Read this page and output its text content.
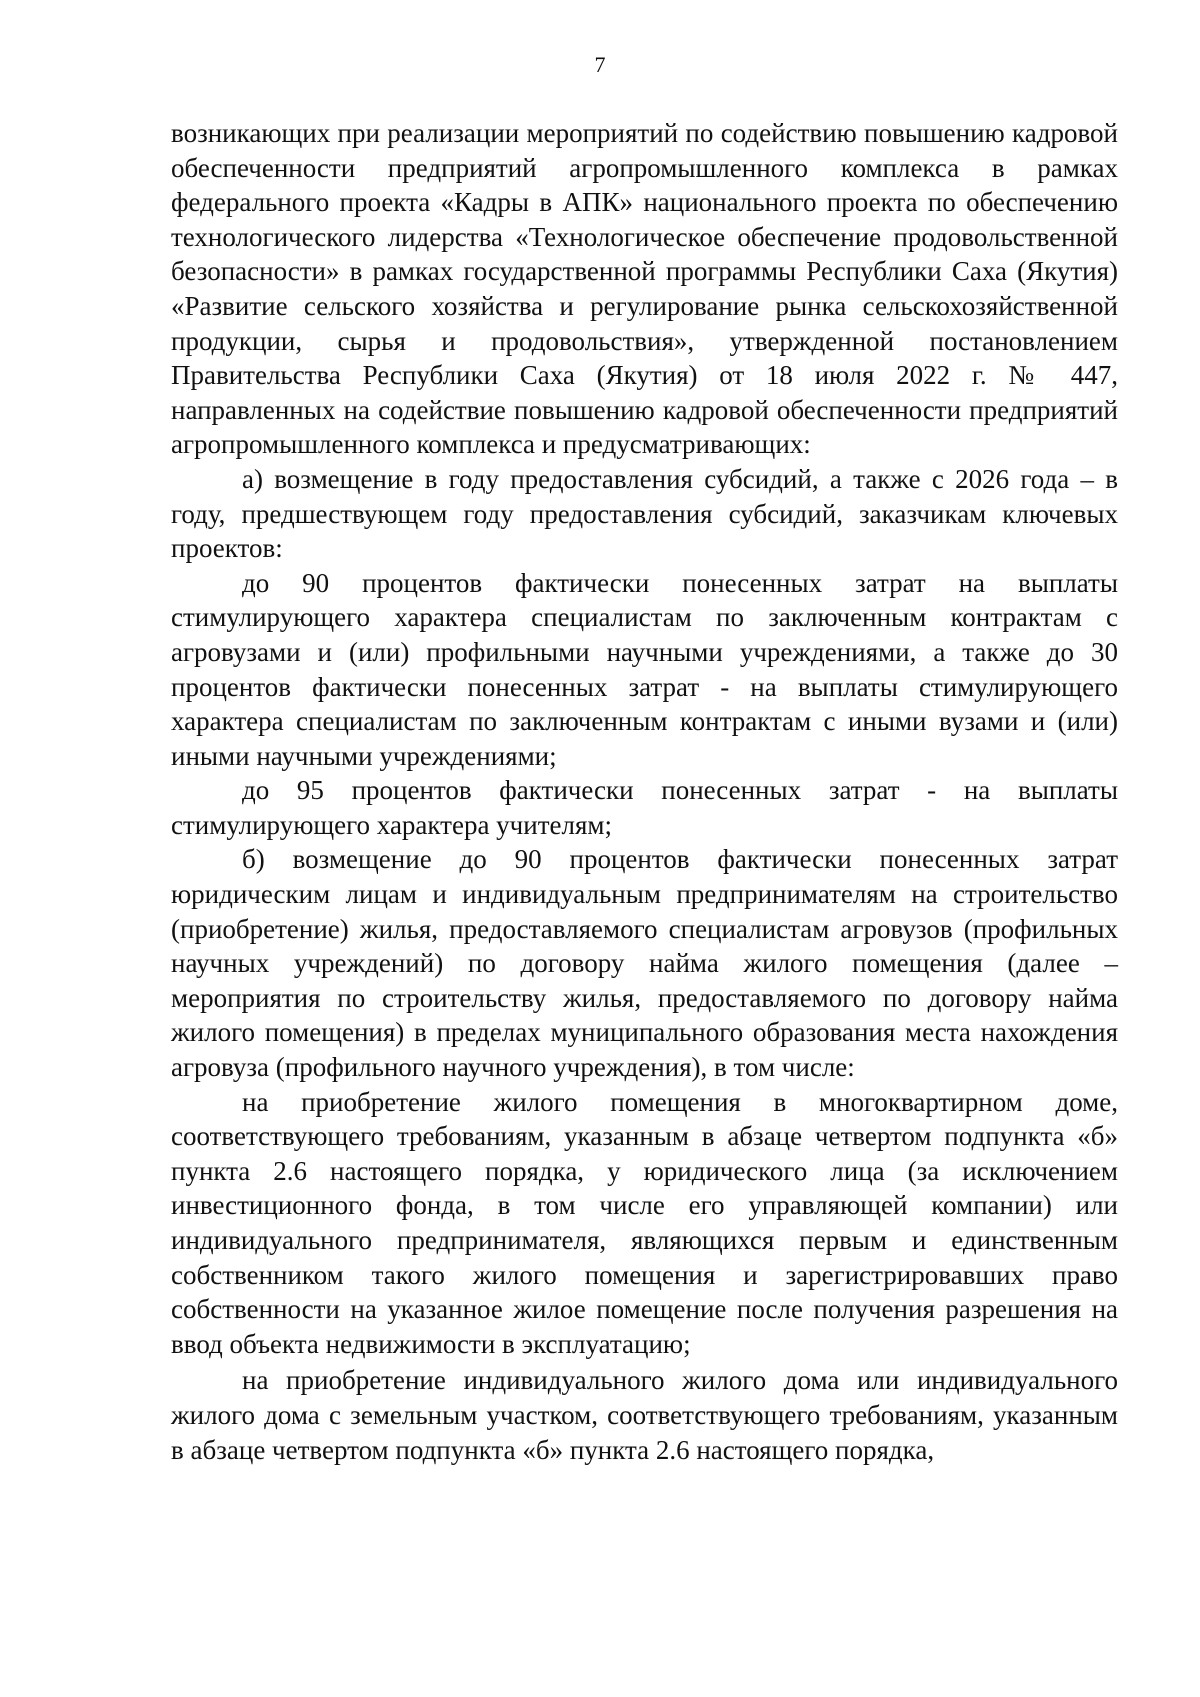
7

возникающих при реализации мероприятий по содействию повышению кадровой обеспеченности предприятий агропромышленного комплекса в рамках федерального проекта «Кадры в АПК» национального проекта по обеспечению технологического лидерства «Технологическое обеспечение продовольственной безопасности» в рамках государственной программы Республики Саха (Якутия) «Развитие сельского хозяйства и регулирование рынка сельскохозяйственной продукции, сырья и продовольствия», утвержденной постановлением Правительства Республики Саха (Якутия) от 18 июля 2022 г. № 447, направленных на содействие повышению кадровой обеспеченности предприятий агропромышленного комплекса и предусматривающих:

а) возмещение в году предоставления субсидий, а также с 2026 года – в году, предшествующем году предоставления субсидий, заказчикам ключевых проектов:

до 90 процентов фактически понесенных затрат на выплаты стимулирующего характера специалистам по заключенным контрактам с агровузами и (или) профильными научными учреждениями, а также до 30 процентов фактически понесенных затрат - на выплаты стимулирующего характера специалистам по заключенным контрактам с иными вузами и (или) иными научными учреждениями;

до 95 процентов фактически понесенных затрат - на выплаты стимулирующего характера учителям;

б) возмещение до 90 процентов фактически понесенных затрат юридическим лицам и индивидуальным предпринимателям на строительство (приобретение) жилья, предоставляемого специалистам агровузов (профильных научных учреждений) по договору найма жилого помещения (далее – мероприятия по строительству жилья, предоставляемого по договору найма жилого помещения) в пределах муниципального образования места нахождения агровуза (профильного научного учреждения), в том числе:

на приобретение жилого помещения в многоквартирном доме, соответствующего требованиям, указанным в абзаце четвертом подпункта «б» пункта 2.6 настоящего порядка, у юридического лица (за исключением инвестиционного фонда, в том числе его управляющей компании) или индивидуального предпринимателя, являющихся первым и единственным собственником такого жилого помещения и зарегистрировавших право собственности на указанное жилое помещение после получения разрешения на ввод объекта недвижимости в эксплуатацию;

на приобретение индивидуального жилого дома или индивидуального жилого дома с земельным участком, соответствующего требованиям, указанным в абзаце четвертом подпункта «б» пункта 2.6 настоящего порядка,
